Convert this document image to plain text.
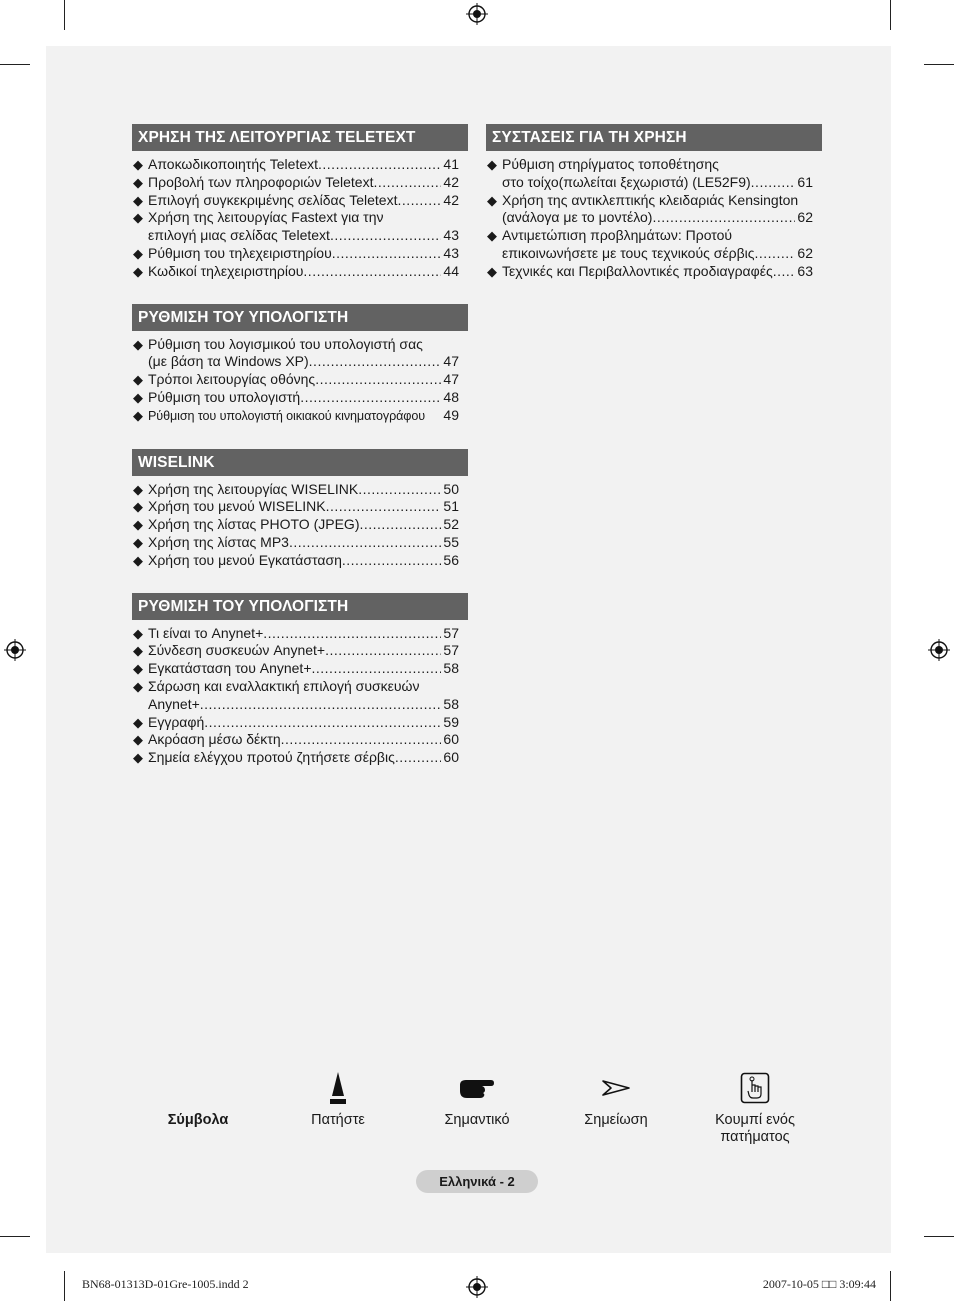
ΧΡΗΣΗ ΤΗΣ ΛΕΙΤΟΥΡΓΙΑΣ TELETEXT
◆ Αποκωδικοποιητής Teletext .....	41
◆ Προβολή των πληροφοριών Teletext .....	42
◆ Επιλογή συγκεκριμένης σελίδας Teletext .....	42
◆ Χρήση της λειτουργίας Fastext για την
επιλογή μιας σελίδας Teletext .....	43
◆ Ρύθμιση του τηλεχειριστηρίου .....	43
◆ Κωδικοί τηλεχειριστηρίου .....	44
ΡΥΘΜΙΣΗ ΤΟΥ ΥΠΟΛΟΓΙΣΤΗ
◆ Ρύθμιση του λογισμικού του υπολογιστή σας
(με βάση τα Windows XP) .....	47
◆ Τρόποι λειτουργίας οθόνης .....	47
◆ Ρύθμιση του υπολογιστή .....	48
◆ Ρύθμιση του υπολογιστή οικιακού κινηματογράφου 49
WISELINK
◆ Χρήση της λειτουργίας WISELINK .....	50
◆ Χρήση του μενού WISELINK .....	51
◆ Χρήση της λίστας PHOTO (JPEG) .....	52
◆ Χρήση της λίστας MP3 .....	55
◆ Χρήση του μενού Εγκατάσταση .....	56
ΡΥΘΜΙΣΗ ΤΟΥ ΥΠΟΛΟΓΙΣΤΗ
◆ Τι είναι το Anynet+ .....	57
◆ Σύνδεση συσκευών Anynet+ .....	57
◆ Εγκατάσταση του Anynet+ .....	58
◆ Σάρωση και εναλλακτική επιλογή συσκευών
Anynet+ .....	58
◆ Εγγραφή .....	59
◆ Ακρόαση μέσω δέκτη .....	60
◆ Σημεία ελέγχου προτού ζητήσετε σέρβις .....	60
ΣΥΣΤΑΣΕΙΣ ΓΙΑ ΤΗ ΧΡΗΣΗ
◆ Ρύθμιση στηρίγματος τοποθέτησης
στο τοίχο(πωλείται ξεχωριστά) (LE52F9) .....	61
◆ Χρήση της αντικλεπτικής κλειδαριάς Kensington
(ανάλογα με το μοντέλο) .....	62
◆ Αντιμετώπιση προβλημάτων: Προτού
επικοινωνήσετε με τους τεχνικούς σέρβις .....	62
◆ Τεχνικές και Περιβαλλοντικές προδιαγραφές ..... 63
Σύμβολα	Πατήστε	Σημαντικό	Σημείωση	Κουμπί ενός
πατήματος
Ελληνικά - 2
BN68-01313D-01Gre-1005.indd 2	2007-10-05 □□ 3:09:44
